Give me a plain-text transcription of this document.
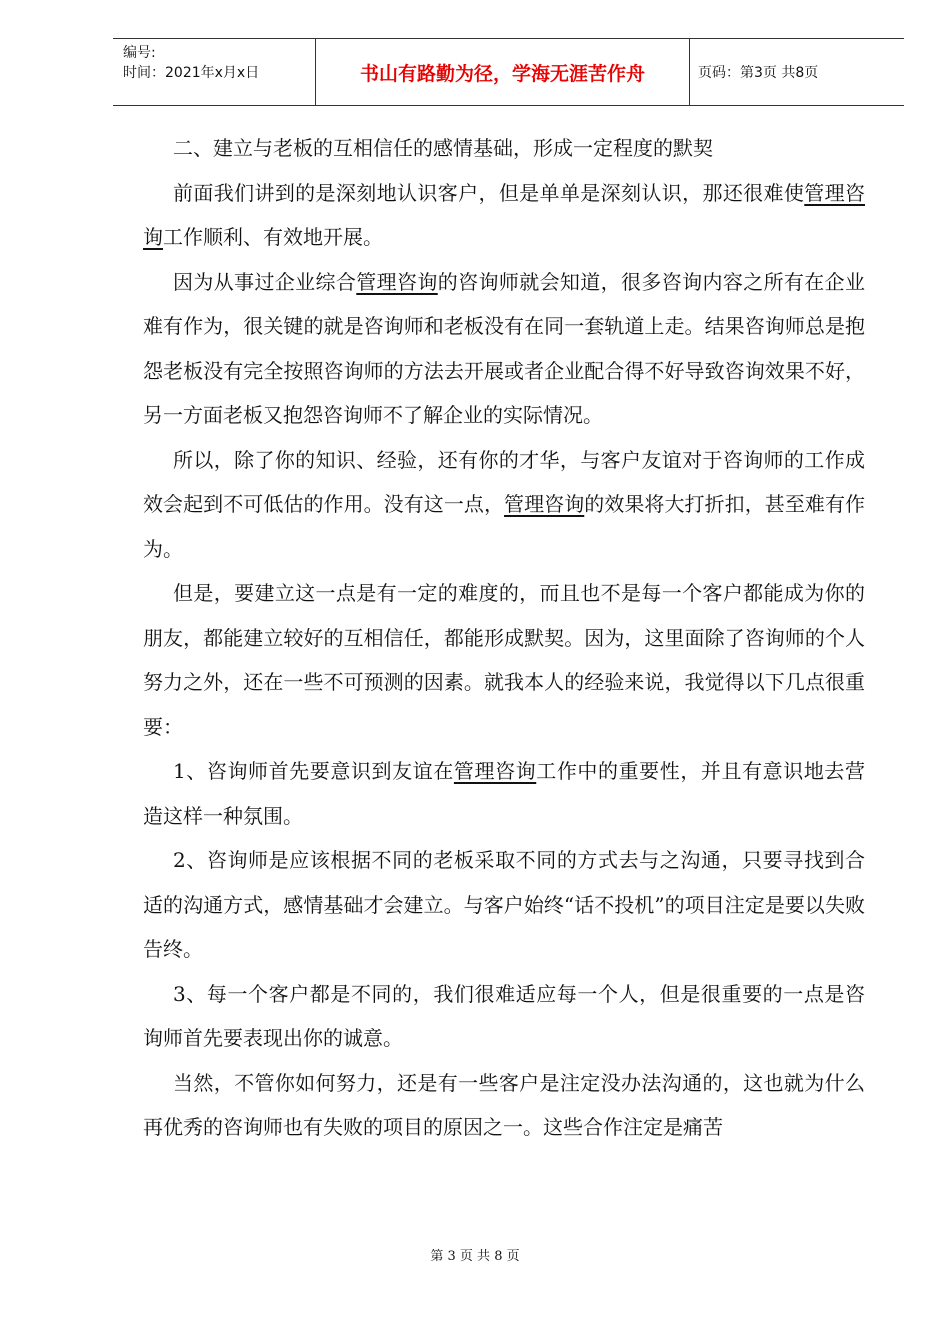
编号:
时间：2021年x月x日	书山有路勤为径，学海无涯苦作舟	页码：第3页 共8页

二、建立与老板的互相信任的感情基础，形成一定程度的默契

前面我们讲到的是深刻地认识客户，但是单单是深刻认识，那还很难使管理咨询工作顺利、有效地开展。

因为从事过企业综合管理咨询的咨询师就会知道，很多咨询内容之所有在企业难有作为，很关键的就是咨询师和老板没有在同一套轨道上走。结果咨询师总是抱怨老板没有完全按照咨询师的方法去开展或者企业配合得不好导致咨询效果不好，另一方面老板又抱怨咨询师不了解企业的实际情况。

所以，除了你的知识、经验，还有你的才华，与客户友谊对于咨询师的工作成效会起到不可低估的作用。没有这一点，管理咨询的效果将大打折扣，甚至难有作为。

但是，要建立这一点是有一定的难度的，而且也不是每一个客户都能成为你的朋友，都能建立较好的互相信任，都能形成默契。因为，这里面除了咨询师的个人努力之外，还在一些不可预测的因素。就我本人的经验来说，我觉得以下几点很重要：

1、咨询师首先要意识到友谊在管理咨询工作中的重要性，并且有意识地去营造这样一种氛围。

2、咨询师是应该根据不同的老板采取不同的方式去与之沟通，只要寻找到合适的沟通方式，感情基础才会建立。与客户始终“话不投机”的项目注定是要以失败告终。

3、每一个客户都是不同的，我们很难适应每一个人，但是很重要的一点是咨询师首先要表现出你的诚意。

当然，不管你如何努力，还是有一些客户是注定没办法沟通的，这也就为什么再优秀的咨询师也有失败的项目的原因之一。这些合作注定是痛苦

第 3 页 共 8 页
